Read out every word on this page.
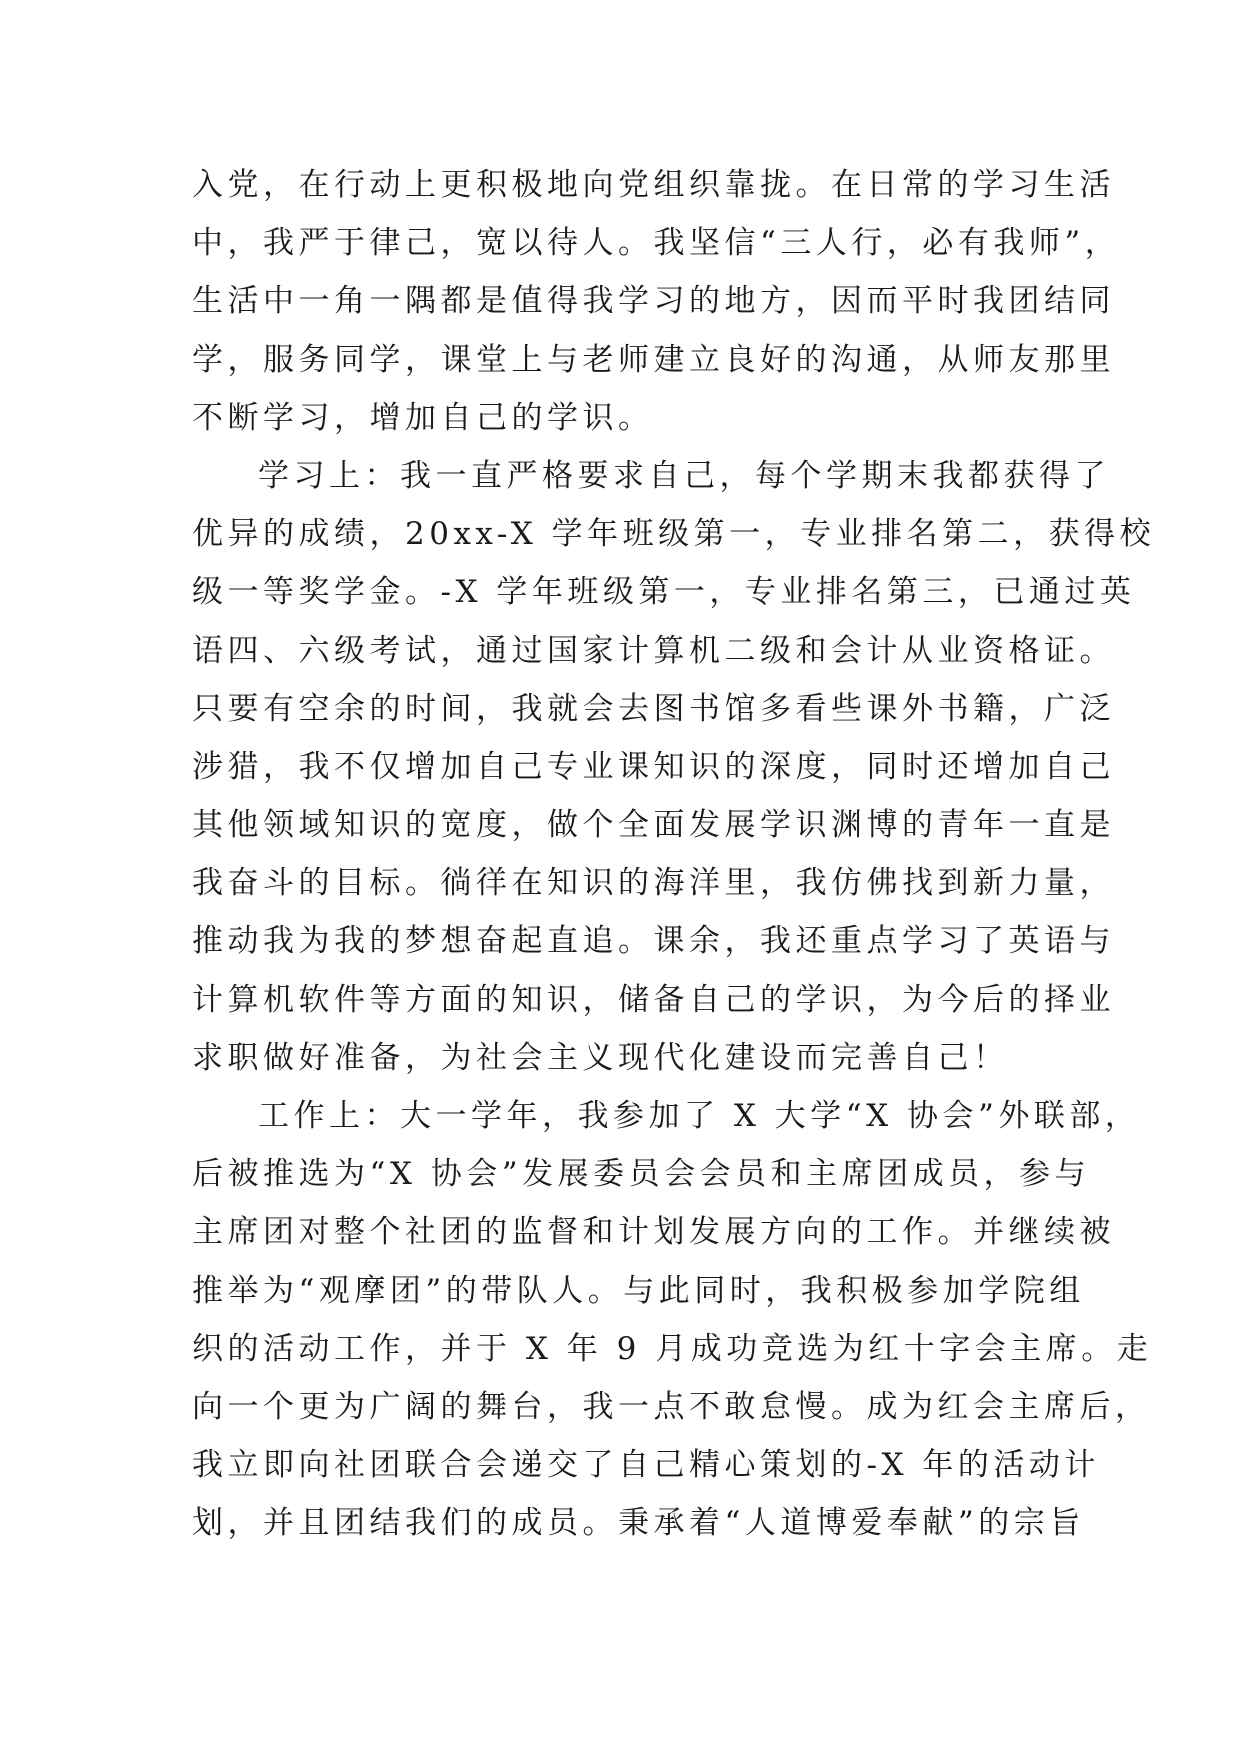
入党，在行动上更积极地向党组织靠拢。在日常的学习生活
中，我严于律己，宽以待人。我坚信“三人行，必有我师”，
生活中一角一隅都是值得我学习的地方，因而平时我团结同
学，服务同学，课堂上与老师建立良好的沟通，从师友那里
不断学习，增加自己的学识。
学习上：我一直严格要求自己，每个学期末我都获得了
优异的成绩，20xx-X 学年班级第一，专业排名第二，获得校
级一等奖学金。-X 学年班级第一，专业排名第三，已通过英
语四、六级考试，通过国家计算机二级和会计从业资格证。
只要有空余的时间，我就会去图书馆多看些课外书籍，广泛
涉猎，我不仅增加自己专业课知识的深度，同时还增加自己
其他领域知识的宽度，做个全面发展学识渊博的青年一直是
我奋斗的目标。徜徉在知识的海洋里，我仿佛找到新力量，
推动我为我的梦想奋起直追。课余，我还重点学习了英语与
计算机软件等方面的知识，储备自己的学识，为今后的择业
求职做好准备，为社会主义现代化建设而完善自己！
工作上：大一学年，我参加了 X 大学“X 协会”外联部，
后被推选为“X 协会”发展委员会会员和主席团成员，参与
主席团对整个社团的监督和计划发展方向的工作。并继续被
推举为“观摩团”的带队人。与此同时，我积极参加学院组
织的活动工作，并于 X 年 9 月成功竞选为红十字会主席。走
向一个更为广阔的舞台，我一点不敢怠慢。成为红会主席后，
我立即向社团联合会递交了自己精心策划的-X 年的活动计
划，并且团结我们的成员。秉承着“人道博爱奉献”的宗旨
